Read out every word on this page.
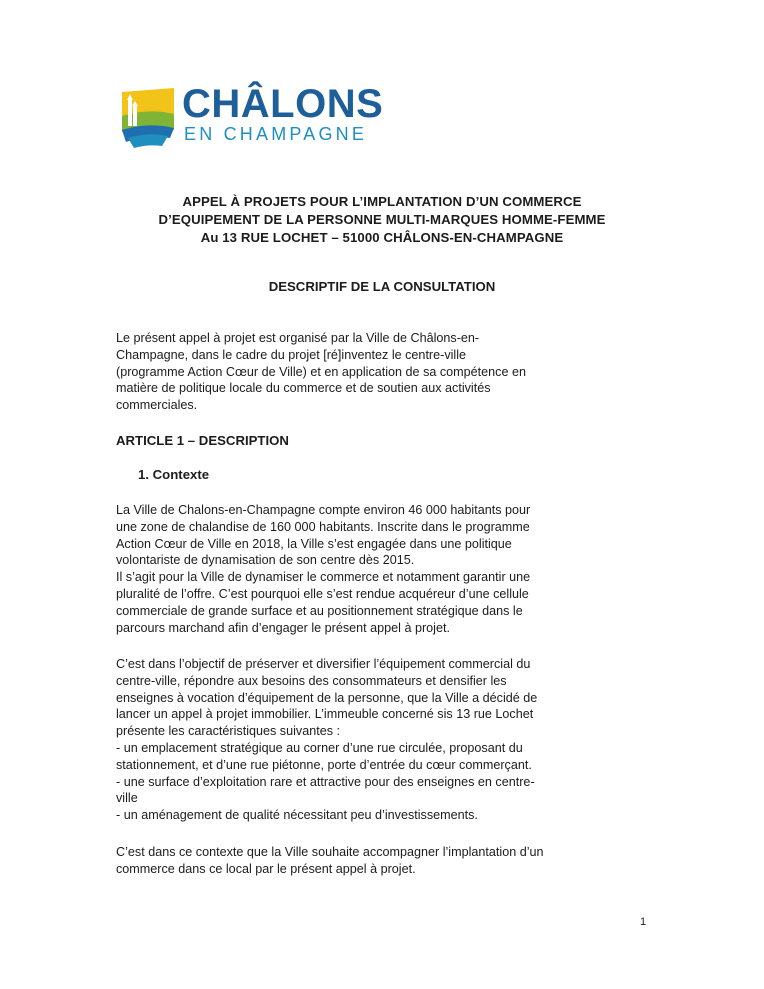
CHÂLONS
EN CHAMPAGNE
APPEL À PROJETS POUR L’IMPLANTATION D’UN COMMERCE
D’EQUIPEMENT DE LA PERSONNE MULTI-MARQUES HOMME-FEMME
Au 13 RUE LOCHET – 51000 CHÂLONS-EN-CHAMPAGNE
DESCRIPTIF DE LA CONSULTATION
Le présent appel à projet est organisé par la Ville de Châlons-en-
Champagne, dans le cadre du projet [ré]inventez le centre-ville
(programme Action Cœur de Ville) et en application de sa compétence en
matière de politique locale du commerce et de soutien aux activités
commerciales.
ARTICLE 1 – DESCRIPTION
1. Contexte
La Ville de Chalons-en-Champagne compte environ 46 000 habitants pour
une zone de chalandise de 160 000 habitants. Inscrite dans le programme
Action Cœur de Ville en 2018, la Ville s’est engagée dans une politique
volontariste de dynamisation de son centre dès 2015.
Il s’agit pour la Ville de dynamiser le commerce et notamment garantir une
pluralité de l’offre. C’est pourquoi elle s’est rendue acquéreur d’une cellule
commerciale de grande surface et au positionnement stratégique dans le
parcours marchand afin d’engager le présent appel à projet.
C’est dans l’objectif de préserver et diversifier l’équipement commercial du
centre-ville, répondre aux besoins des consommateurs et densifier les
enseignes à vocation d’équipement de la personne, que la Ville a décidé de
lancer un appel à projet immobilier. L’immeuble concerné sis 13 rue Lochet
présente les caractéristiques suivantes :
- un emplacement stratégique au corner d’une rue circulée, proposant du
stationnement, et d’une rue piétonne, porte d’entrée du cœur commerçant.
- une surface d’exploitation rare et attractive pour des enseignes en centre-
ville
- un aménagement de qualité nécessitant peu d’investissements.
C’est dans ce contexte que la Ville souhaite accompagner l’implantation d’un
commerce dans ce local par le présent appel à projet.
1
